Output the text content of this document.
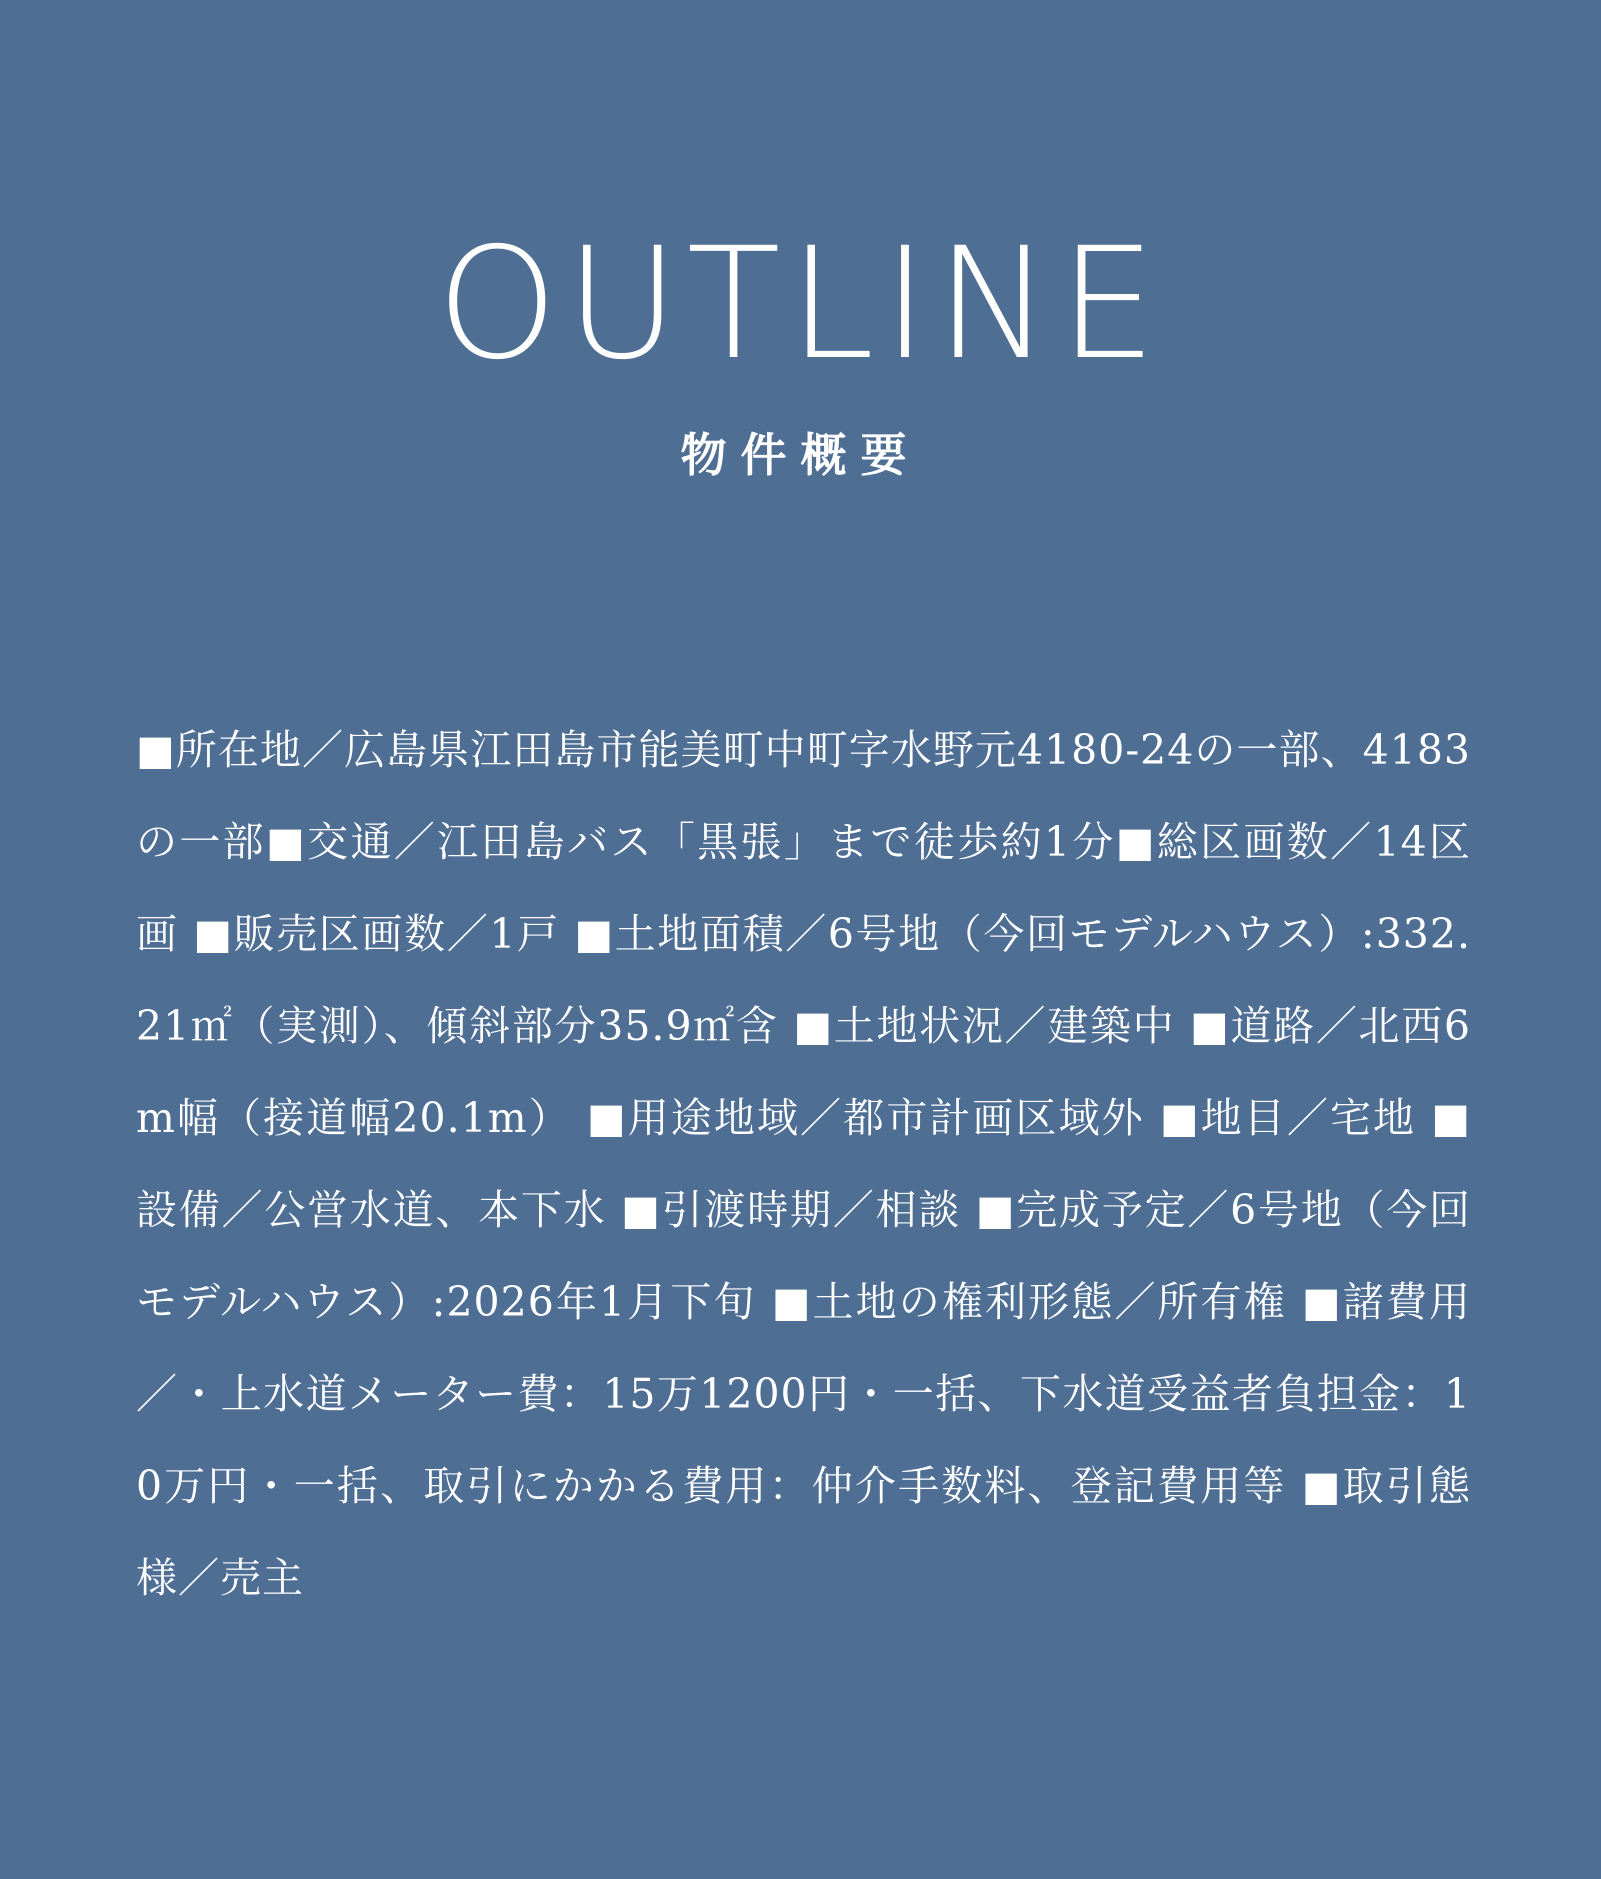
OUTLINE
物件概要

■所在地／広島県江田島市能美町中町字水野元4180-24の一部、4183の一部■交通／江田島バス「黒張」まで徒歩約1分■総区画数／14区画 ■販売区画数／1戸 ■土地面積／6号地（今回モデルハウス）:332.21㎡（実測）、傾斜部分35.9㎡含 ■土地状況／建築中 ■道路／北西6m幅（接道幅20.1m） ■用途地域／都市計画区域外 ■地目／宅地 ■設備／公営水道、本下水 ■引渡時期／相談 ■完成予定／6号地（今回モデルハウス）:2026年1月下旬 ■土地の権利形態／所有権 ■諸費用／・上水道メーター費：15万1200円・一括、下水道受益者負担金：10万円・一括、取引にかかる費用：仲介手数料、登記費用等 ■取引態様／売主
